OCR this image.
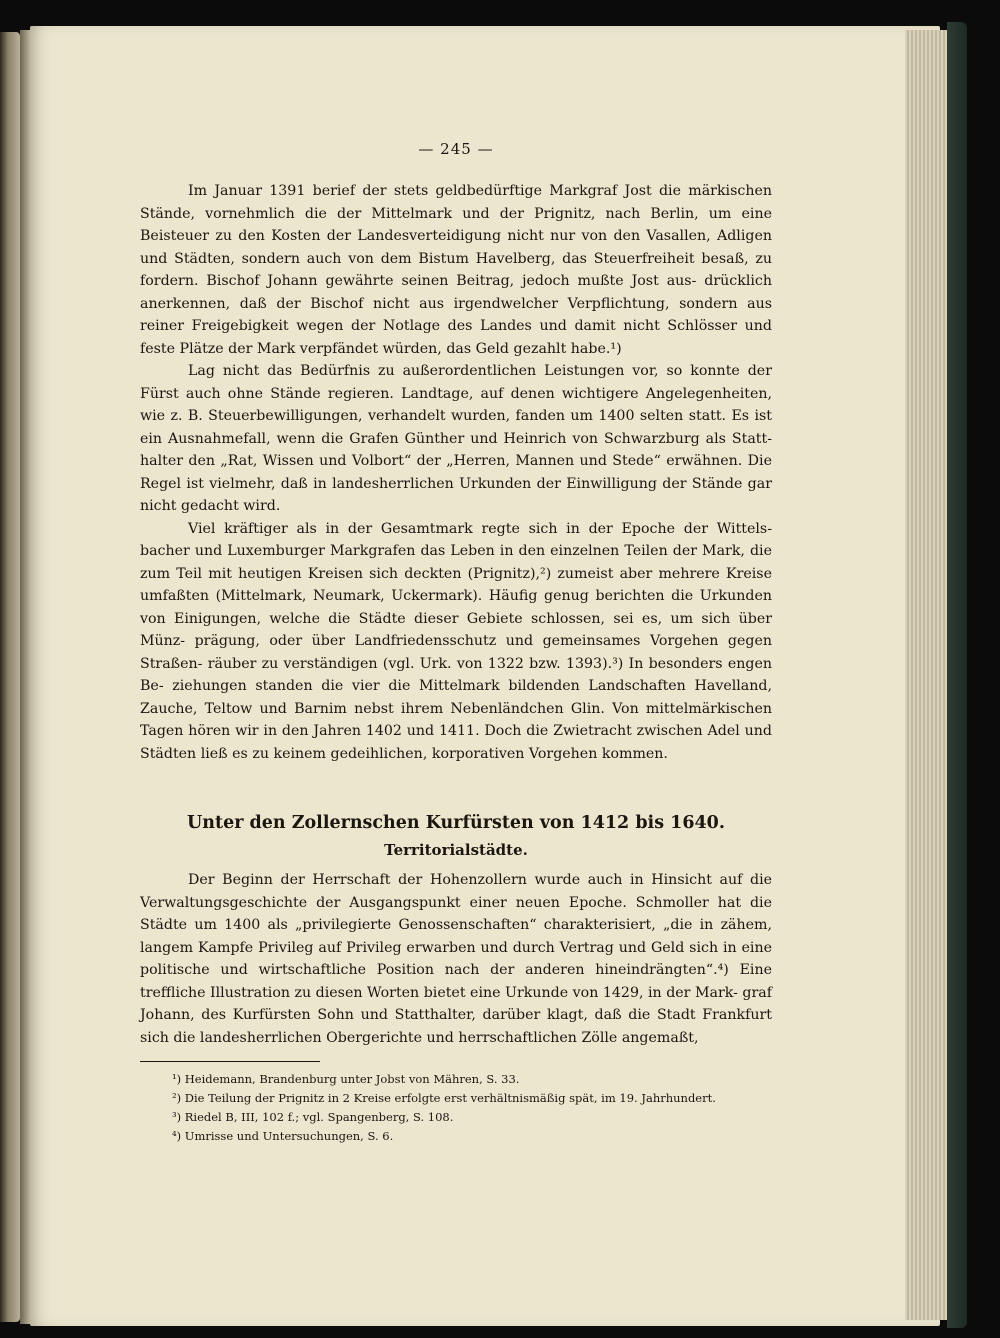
— 245 —

Im Januar 1391 berief der stets geldbedürftige Markgraf Jost die märkischen Stände, vornehmlich die der Mittelmark und der Prignitz, nach Berlin, um eine Beisteuer zu den Kosten der Landesverteidigung nicht nur von den Vasallen, Adligen und Städten, sondern auch von dem Bistum Havelberg, das Steuerfreiheit besaß, zu fordern. Bischof Johann gewährte seinen Beitrag, jedoch mußte Jost aus- drücklich anerkennen, daß der Bischof nicht aus irgendwelcher Verpflichtung, sondern aus reiner Freigebigkeit wegen der Notlage des Landes und damit nicht Schlösser und feste Plätze der Mark verpfändet würden, das Geld gezahlt habe.¹)

Lag nicht das Bedürfnis zu außerordentlichen Leistungen vor, so konnte der Fürst auch ohne Stände regieren. Landtage, auf denen wichtigere Angelegenheiten, wie z. B. Steuerbewilligungen, verhandelt wurden, fanden um 1400 selten statt. Es ist ein Ausnahmefall, wenn die Grafen Günther und Heinrich von Schwarzburg als Statt- halter den „Rat, Wissen und Volbort“ der „Herren, Mannen und Stede“ erwähnen. Die Regel ist vielmehr, daß in landesherrlichen Urkunden der Einwilligung der Stände gar nicht gedacht wird.

Viel kräftiger als in der Gesamtmark regte sich in der Epoche der Wittels- bacher und Luxemburger Markgrafen das Leben in den einzelnen Teilen der Mark, die zum Teil mit heutigen Kreisen sich deckten (Prignitz),²) zumeist aber mehrere Kreise umfaßten (Mittelmark, Neumark, Uckermark). Häufig genug berichten die Urkunden von Einigungen, welche die Städte dieser Gebiete schlossen, sei es, um sich über Münz- prägung, oder über Landfriedensschutz und gemeinsames Vorgehen gegen Straßen- räuber zu verständigen (vgl. Urk. von 1322 bzw. 1393).³) In besonders engen Be- ziehungen standen die vier die Mittelmark bildenden Landschaften Havelland, Zauche, Teltow und Barnim nebst ihrem Nebenländchen Glin. Von mittelmärkischen Tagen hören wir in den Jahren 1402 und 1411. Doch die Zwietracht zwischen Adel und Städten ließ es zu keinem gedeihlichen, korporativen Vorgehen kommen.

Unter den Zollernschen Kurfürsten von 1412 bis 1640.
Territorialstädte.

Der Beginn der Herrschaft der Hohenzollern wurde auch in Hinsicht auf die Verwaltungsgeschichte der Ausgangspunkt einer neuen Epoche. Schmoller hat die Städte um 1400 als „privilegierte Genossenschaften“ charakterisiert, „die in zähem, langem Kampfe Privileg auf Privileg erwarben und durch Vertrag und Geld sich in eine politische und wirtschaftliche Position nach der anderen hineindrängten“.⁴) Eine treffliche Illustration zu diesen Worten bietet eine Urkunde von 1429, in der Mark- graf Johann, des Kurfürsten Sohn und Statthalter, darüber klagt, daß die Stadt Frankfurt sich die landesherrlichen Obergerichte und herrschaftlichen Zölle angemaßt,

¹) Heidemann, Brandenburg unter Jobst von Mähren, S. 33.

²) Die Teilung der Prignitz in 2 Kreise erfolgte erst verhältnismäßig spät, im 19. Jahrhundert.

³) Riedel B, III, 102 f.; vgl. Spangenberg, S. 108.

⁴) Umrisse und Untersuchungen, S. 6.
